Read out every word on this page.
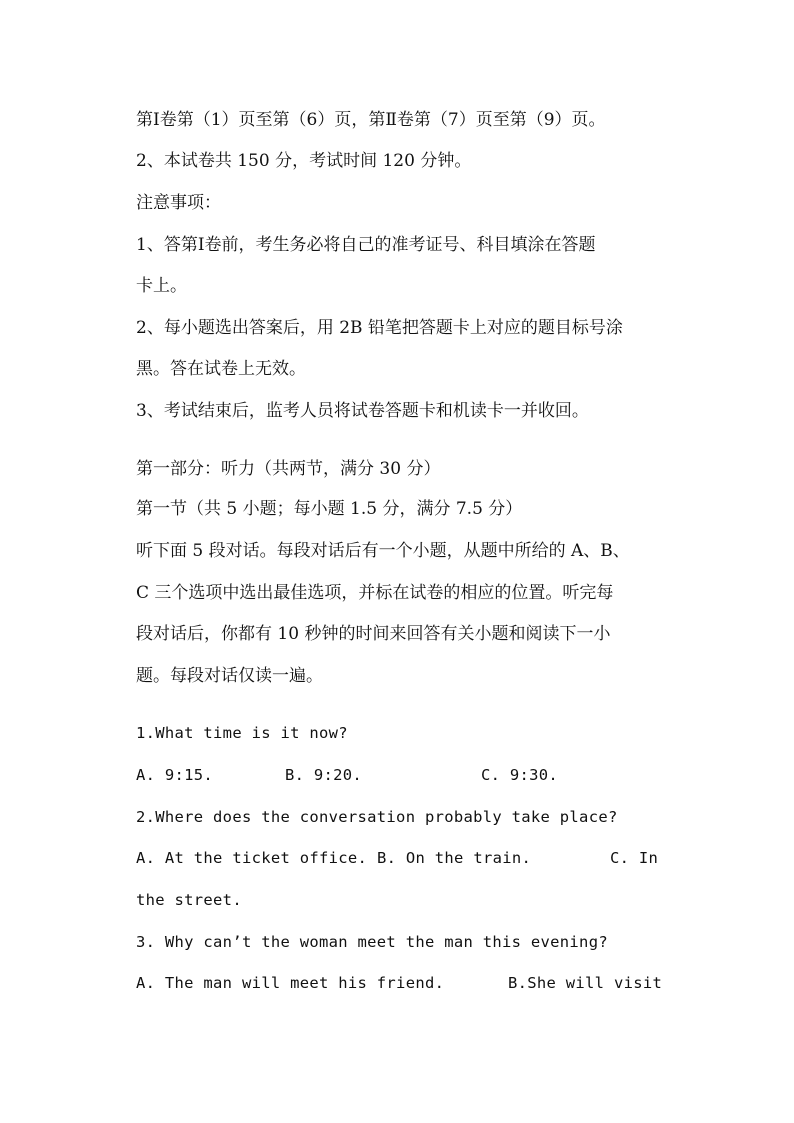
第Ⅰ卷第（1）页至第（6）页，第Ⅱ卷第（7）页至第（9）页。
2、本试卷共 150 分，考试时间 120 分钟。
注意事项：
1、答第Ⅰ卷前，考生务必将自己的准考证号、科目填涂在答题
卡上。
2、每小题选出答案后，用 2B 铅笔把答题卡上对应的题目标号涂
黑。答在试卷上无效。
3、考试结束后，监考人员将试卷答题卡和机读卡一并收回。
第一部分：听力（共两节，满分 30 分）
第一节（共 5 小题；每小题 1.5 分，满分 7.5 分）
听下面 5 段对话。每段对话后有一个小题，从题中所给的 A、B、
C 三个选项中选出最佳选项，并标在试卷的相应的位置。听完每
段对话后，你都有 10 秒钟的时间来回答有关小题和阅读下一小
题。每段对话仅读一遍。
1.What time is it now?
A. 9:15.	B. 9:20.	C. 9:30.
2.Where does the conversation probably take place?
A. At the ticket office. B. On the train.	C. In
the street.
3. Why can’t the woman meet the man this evening?
A. The man will meet his friend.	B.She will visit
